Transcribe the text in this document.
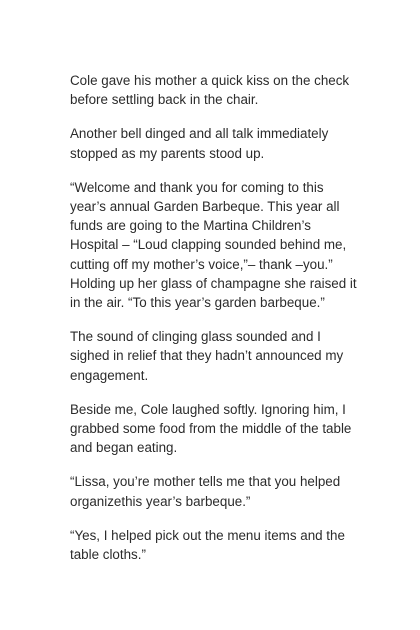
Cole gave his mother a quick kiss on the check before settling back in the chair.

Another bell dinged and all talk immediately stopped as my parents stood up.

“Welcome and thank you for coming to this year’s annual Garden Barbeque. This year all funds are going to the Martina Children’s Hospital – “Loud clapping sounded behind me, cutting off my mother’s voice,”– thank –you.” Holding up her glass of champagne she raised it in the air. “To this year’s garden barbeque.”

The sound of clinging glass sounded and I sighed in relief that they hadn’t announced my engagement.

Beside me, Cole laughed softly. Ignoring him, I grabbed some food from the middle of the table and began eating.

“Lissa, you’re mother tells me that you helped organizethis year’s barbeque.”

“Yes, I helped pick out the menu items and the table cloths.”
